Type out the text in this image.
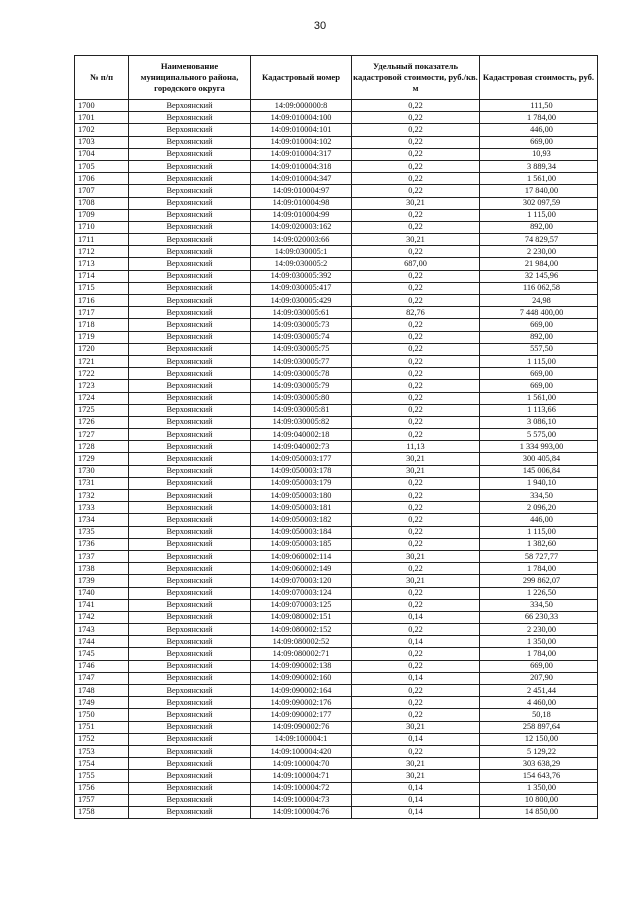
30
№ п/п	Наименование муниципального района, городского округа	Кадастровый номер	Удельный показатель кадастровой стоимости, руб./кв. м	Кадастровая стоимость, руб.
1700	Верхоянский	14:09:000000:8	0,22	111,50
1701	Верхоянский	14:09:010004:100	0,22	1 784,00
1702	Верхоянский	14:09:010004:101	0,22	446,00
1703	Верхоянский	14:09:010004:102	0,22	669,00
1704	Верхоянский	14:09:010004:317	0,22	10,93
1705	Верхоянский	14:09:010004:318	0,22	3 889,34
1706	Верхоянский	14:09:010004:347	0,22	1 561,00
1707	Верхоянский	14:09:010004:97	0,22	17 840,00
1708	Верхоянский	14:09:010004:98	30,21	302 097,59
1709	Верхоянский	14:09:010004:99	0,22	1 115,00
1710	Верхоянский	14:09:020003:162	0,22	892,00
1711	Верхоянский	14:09:020003:66	30,21	74 829,57
1712	Верхоянский	14:09:030005:1	0,22	2 230,00
1713	Верхоянский	14:09:030005:2	687,00	21 984,00
1714	Верхоянский	14:09:030005:392	0,22	32 145,96
1715	Верхоянский	14:09:030005:417	0,22	116 062,58
1716	Верхоянский	14:09:030005:429	0,22	24,98
1717	Верхоянский	14:09:030005:61	82,76	7 448 400,00
1718	Верхоянский	14:09:030005:73	0,22	669,00
1719	Верхоянский	14:09:030005:74	0,22	892,00
1720	Верхоянский	14:09:030005:75	0,22	557,50
1721	Верхоянский	14:09:030005:77	0,22	1 115,00
1722	Верхоянский	14:09:030005:78	0,22	669,00
1723	Верхоянский	14:09:030005:79	0,22	669,00
1724	Верхоянский	14:09:030005:80	0,22	1 561,00
1725	Верхоянский	14:09:030005:81	0,22	1 113,66
1726	Верхоянский	14:09:030005:82	0,22	3 086,10
1727	Верхоянский	14:09:040002:18	0,22	5 575,00
1728	Верхоянский	14:09:040002:73	11,13	1 334 993,00
1729	Верхоянский	14:09:050003:177	30,21	300 405,84
1730	Верхоянский	14:09:050003:178	30,21	145 006,84
1731	Верхоянский	14:09:050003:179	0,22	1 940,10
1732	Верхоянский	14:09:050003:180	0,22	334,50
1733	Верхоянский	14:09:050003:181	0,22	2 096,20
1734	Верхоянский	14:09:050003:182	0,22	446,00
1735	Верхоянский	14:09:050003:184	0,22	1 115,00
1736	Верхоянский	14:09:050003:185	0,22	1 382,60
1737	Верхоянский	14:09:060002:114	30,21	58 727,77
1738	Верхоянский	14:09:060002:149	0,22	1 784,00
1739	Верхоянский	14:09:070003:120	30,21	299 862,07
1740	Верхоянский	14:09:070003:124	0,22	1 226,50
1741	Верхоянский	14:09:070003:125	0,22	334,50
1742	Верхоянский	14:09:080002:151	0,14	66 230,33
1743	Верхоянский	14:09:080002:152	0,22	2 230,00
1744	Верхоянский	14:09:080002:52	0,14	1 350,00
1745	Верхоянский	14:09:080002:71	0,22	1 784,00
1746	Верхоянский	14:09:090002:138	0,22	669,00
1747	Верхоянский	14:09:090002:160	0,14	207,90
1748	Верхоянский	14:09:090002:164	0,22	2 451,44
1749	Верхоянский	14:09:090002:176	0,22	4 460,00
1750	Верхоянский	14:09:090002:177	0,22	50,18
1751	Верхоянский	14:09:090002:76	30,21	258 897,64
1752	Верхоянский	14:09:100004:1	0,14	12 150,00
1753	Верхоянский	14:09:100004:420	0,22	5 129,22
1754	Верхоянский	14:09:100004:70	30,21	303 638,29
1755	Верхоянский	14:09:100004:71	30,21	154 643,76
1756	Верхоянский	14:09:100004:72	0,14	1 350,00
1757	Верхоянский	14:09:100004:73	0,14	10 800,00
1758	Верхоянский	14:09:100004:76	0,14	14 850,00
